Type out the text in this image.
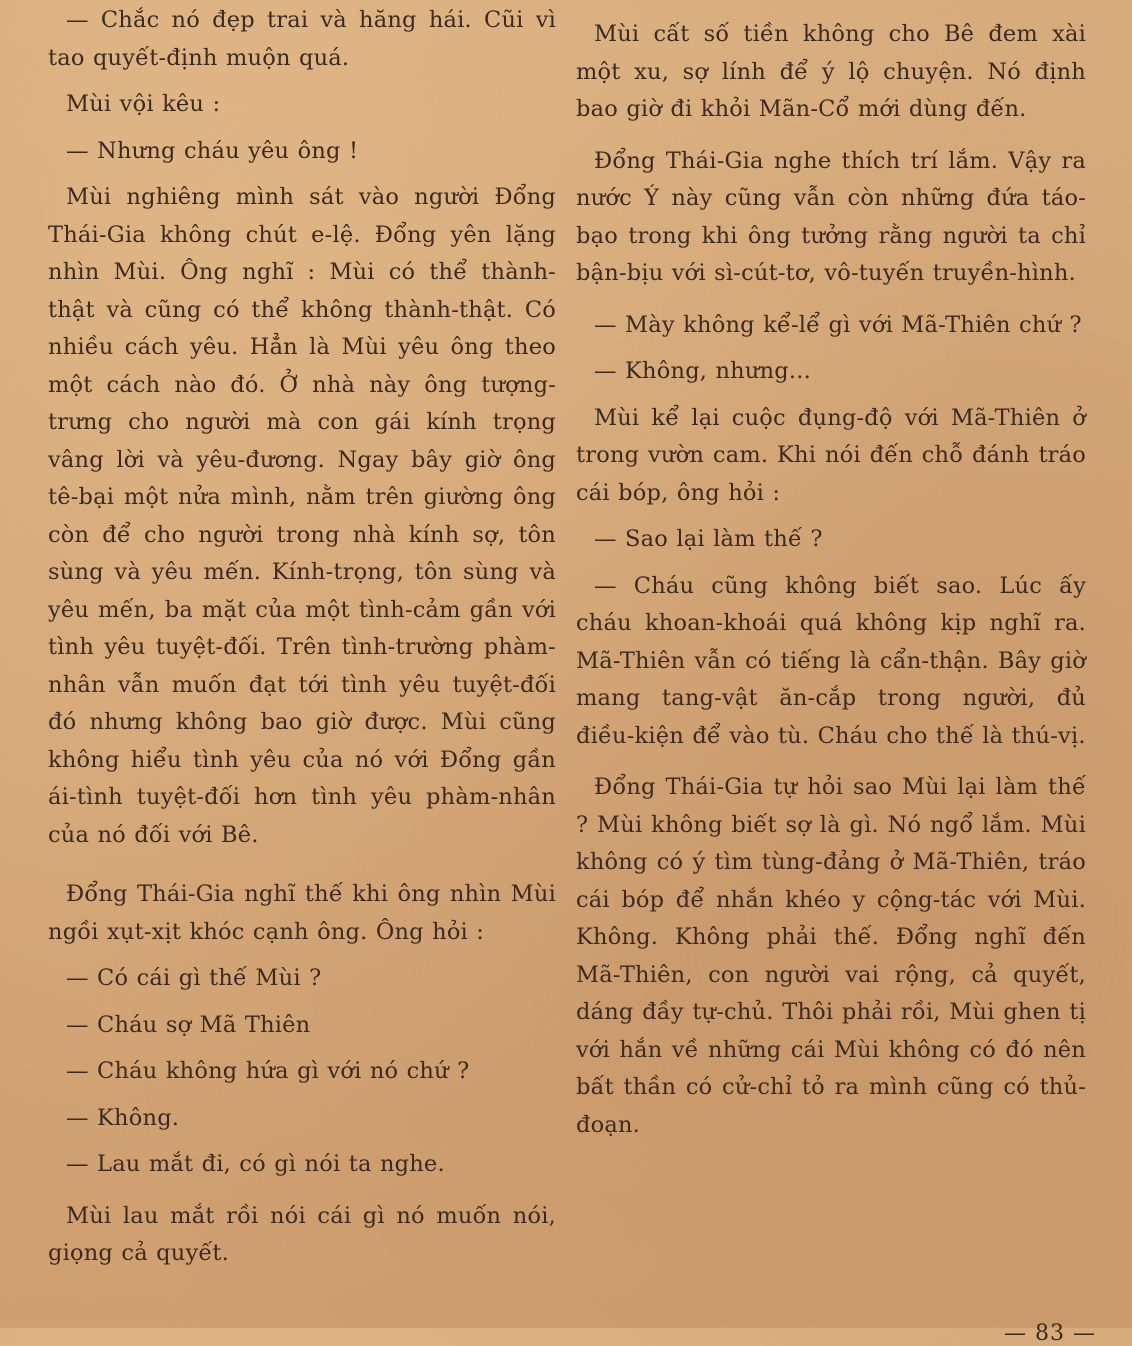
— Chắc nó đẹp trai và hăng hái. Cũi vì tao quyết-định muộn quá.

Mùi vội kêu :

— Nhưng cháu yêu ông !

Mùi nghiêng mình sát vào người Đổng Thái-Gia không chút e-lệ. Đổng yên lặng nhìn Mùi. Ông nghĩ : Mùi có thể thành-thật và cũng có thể không thành-thật. Có nhiều cách yêu. Hẳn là Mùi yêu ông theo một cách nào đó. Ở nhà này ông tượng-trưng cho người mà con gái kính trọng vâng lời và yêu-đương. Ngay bây giờ ông tê-bại một nửa mình, nằm trên giường ông còn để cho người trong nhà kính sợ, tôn sùng và yêu mến. Kính-trọng, tôn sùng và yêu mến, ba mặt của một tình-cảm gần với tình yêu tuyệt-đối. Trên tình-trường phàm-nhân vẫn muốn đạt tới tình yêu tuyệt-đối đó nhưng không bao giờ được. Mùi cũng không hiểu tình yêu của nó với Đổng gần ái-tình tuyệt-đối hơn tình yêu phàm-nhân của nó đối với Bê.

Đổng Thái-Gia nghĩ thế khi ông nhìn Mùi ngồi xụt-xịt khóc cạnh ông. Ông hỏi :

— Có cái gì thế Mùi ?

— Cháu sợ Mã Thiên

— Cháu không hứa gì với nó chứ ?

— Không.

— Lau mắt đi, có gì nói ta nghe.

Mùi lau mắt rồi nói cái gì nó muốn nói, giọng cả quyết.

Mùi cất số tiền không cho Bê đem xài một xu, sợ lính để ý lộ chuyện. Nó định bao giờ đi khỏi Mãn-Cổ mới dùng đến.

Đổng Thái-Gia nghe thích trí lắm. Vậy ra nước Ý này cũng vẫn còn những đứa táo-bạo trong khi ông tưởng rằng người ta chỉ bận-bịu với sì-cút-tơ, vô-tuyến truyền-hình.

— Mày không kể-lể gì với Mã-Thiên chứ ?

— Không, nhưng...

Mùi kể lại cuộc đụng-độ với Mã-Thiên ở trong vườn cam. Khi nói đến chỗ đánh tráo cái bóp, ông hỏi :

— Sao lại làm thế ?

— Cháu cũng không biết sao. Lúc ấy cháu khoan-khoái quá không kịp nghĩ ra. Mã-Thiên vẫn có tiếng là cẩn-thận. Bây giờ mang tang-vật ăn-cắp trong người, đủ điều-kiện để vào tù. Cháu cho thế là thú-vị.

Đổng Thái-Gia tự hỏi sao Mùi lại làm thế ? Mùi không biết sợ là gì. Nó ngổ lắm. Mùi không có ý tìm tùng-đảng ở Mã-Thiên, tráo cái bóp để nhắn khéo y cộng-tác với Mùi. Không. Không phải thế. Đổng nghĩ đến Mã-Thiên, con người vai rộng, cả quyết, dáng đầy tự-chủ. Thôi phải rồi, Mùi ghen tị với hắn về những cái Mùi không có đó nên bất thần có cử-chỉ tỏ ra mình cũng có thủ-đoạn.

— 83 —
